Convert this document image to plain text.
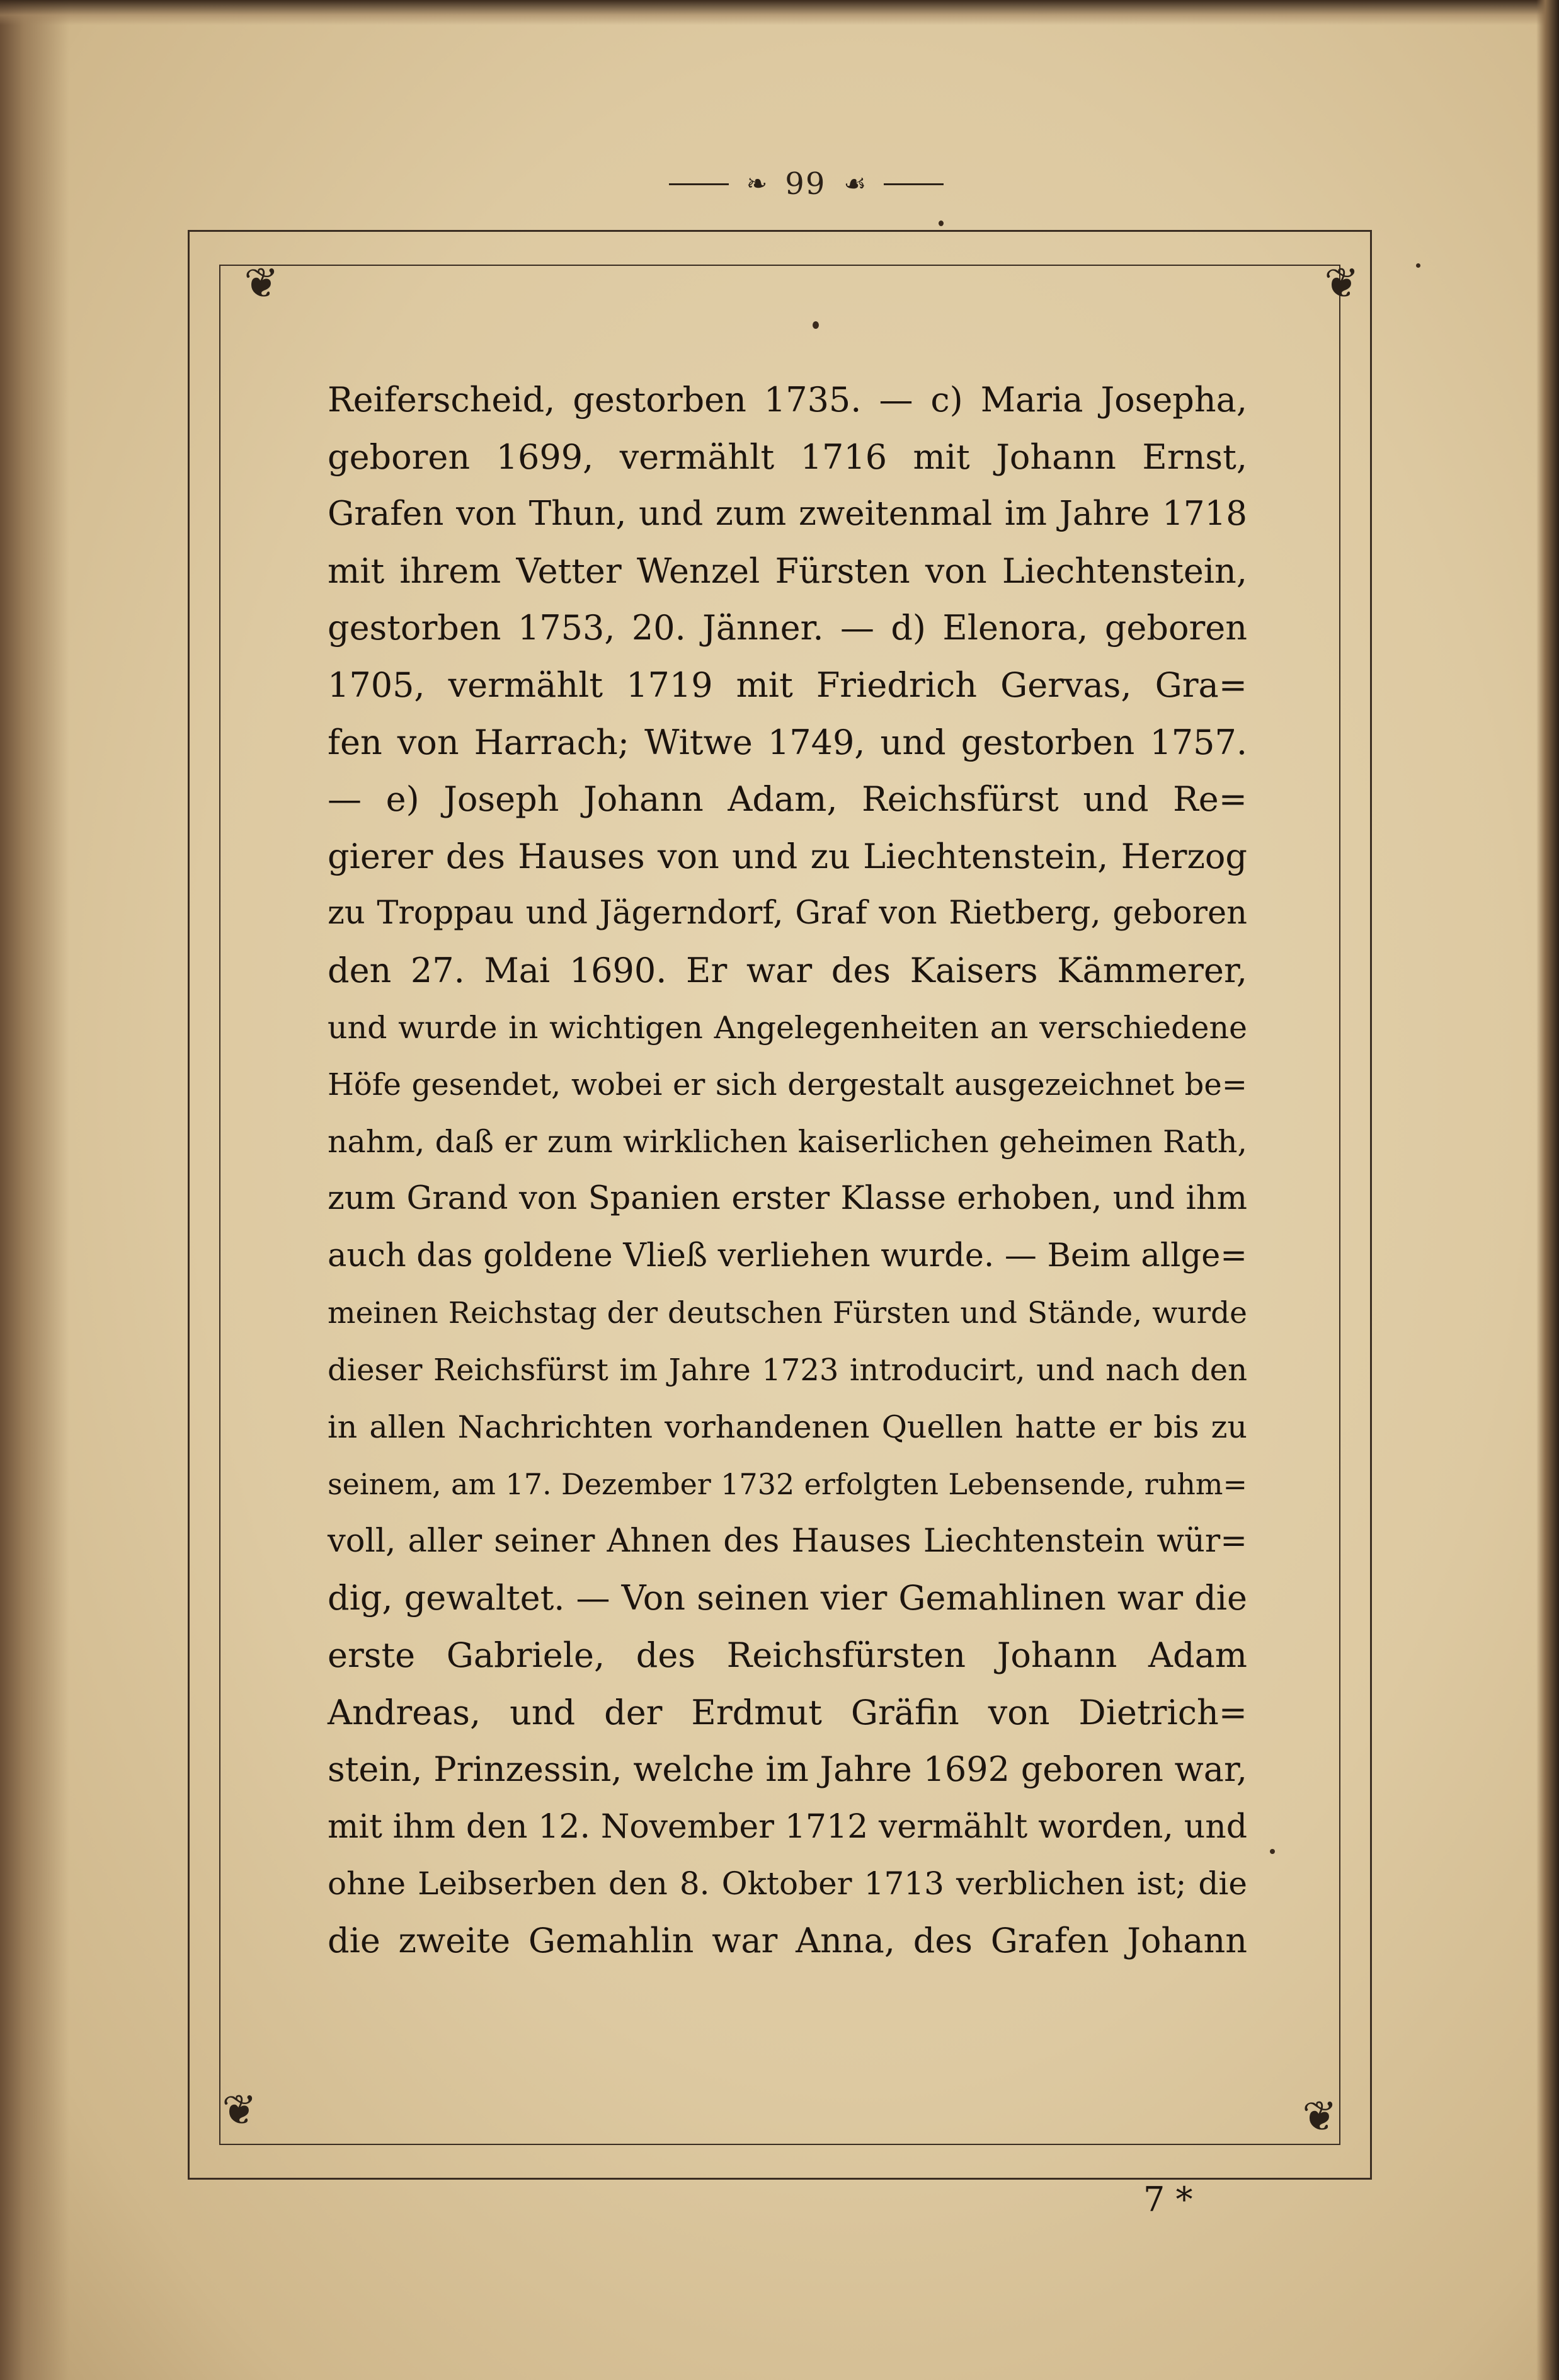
❧ 99 ☙
❦	❦
❦	❦
Reiferscheid, gestorben 1735. — c) Maria Josepha,
geboren 1699, vermählt 1716 mit Johann Ernst,
Grafen von Thun, und zum zweitenmal im Jahre 1718
mit ihrem Vetter Wenzel Fürsten von Liechtenstein,
gestorben 1753, 20. Jänner. — d) Elenora, geboren
1705, vermählt 1719 mit Friedrich Gervas, Gra=
fen von Harrach; Witwe 1749, und gestorben 1757.
— e) Joseph Johann Adam, Reichsfürst und Re=
gierer des Hauses von und zu Liechtenstein, Herzog
zu Troppau und Jägerndorf, Graf von Rietberg, geboren
den 27. Mai 1690. Er war des Kaisers Kämmerer,
und wurde in wichtigen Angelegenheiten an verschiedene
Höfe gesendet, wobei er sich dergestalt ausgezeichnet be=
nahm, daß er zum wirklichen kaiserlichen geheimen Rath,
zum Grand von Spanien erster Klasse erhoben, und ihm
auch das goldene Vließ verliehen wurde. — Beim allge=
meinen Reichstag der deutschen Fürsten und Stände, wurde
dieser Reichsfürst im Jahre 1723 introducirt, und nach den
in allen Nachrichten vorhandenen Quellen hatte er bis zu
seinem, am 17. Dezember 1732 erfolgten Lebensende, ruhm=
voll, aller seiner Ahnen des Hauses Liechtenstein wür=
dig, gewaltet. — Von seinen vier Gemahlinen war die
erste Gabriele, des Reichsfürsten Johann Adam
Andreas, und der Erdmut Gräfin von Dietrich=
stein, Prinzessin, welche im Jahre 1692 geboren war,
mit ihm den 12. November 1712 vermählt worden, und
ohne Leibserben den 8. Oktober 1713 verblichen ist; die
die zweite Gemahlin war Anna, des Grafen Johann
7 *
